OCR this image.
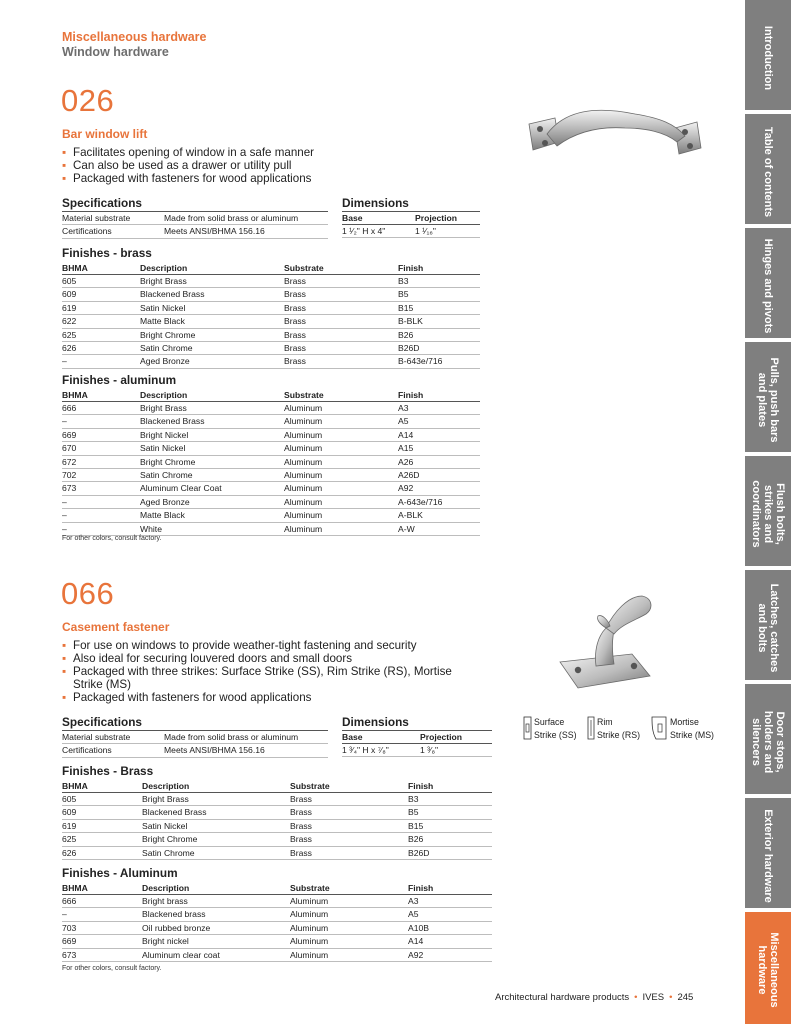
Miscellaneous hardware
Window hardware
026
Bar window lift
▪ Facilitates opening of window in a safe manner
▪ Can also be used as a drawer or utility pull
▪ Packaged with fasteners for wood applications
Specifications
Material substrate	Made from solid brass or aluminum
Certifications	Meets ANSI/BHMA 156.16
Dimensions
Base	Projection
1 ¹⁄₂" H x 4"	1 ¹⁄₁₆"
Finishes - brass
BHMA	Description	Substrate	Finish
605	Bright Brass	Brass	B3
609	Blackened Brass	Brass	B5
619	Satin Nickel	Brass	B15
622	Matte Black	Brass	B-BLK
625	Bright Chrome	Brass	B26
626	Satin Chrome	Brass	B26D
–	Aged Bronze	Brass	B-643e/716
Finishes - aluminum
BHMA	Description	Substrate	Finish
666	Bright Brass	Aluminum	A3
–	Blackened Brass	Aluminum	A5
669	Bright Nickel	Aluminum	A14
670	Satin Nickel	Aluminum	A15
672	Bright Chrome	Aluminum	A26
702	Satin Chrome	Aluminum	A26D
673	Aluminum Clear Coat	Aluminum	A92
–	Aged Bronze	Aluminum	A-643e/716
–	Matte Black	Aluminum	A-BLK
–	White	Aluminum	A-W
For other colors, consult factory.
066
Casement fastener
▪ For use on windows to provide weather-tight fastening and security
▪ Also ideal for securing louvered doors and small doors
▪ Packaged with three strikes: Surface Strike (SS), Rim Strike (RS), Mortise Strike (MS)
▪ Packaged with fasteners for wood applications
Surface
Strike (SS)
Rim
Strike (RS)
Mortise
Strike (MS)
Specifications
Material substrate	Made from solid brass or aluminum
Certifications	Meets ANSI/BHMA 156.16
Dimensions
Base	Projection
1 ³⁄₄" H x ⁷⁄₈"	1 ³⁄₈"
Finishes - Brass
BHMA	Description	Substrate	Finish
605	Bright Brass	Brass	B3
609	Blackened Brass	Brass	B5
619	Satin Nickel	Brass	B15
625	Bright Chrome	Brass	B26
626	Satin Chrome	Brass	B26D
Finishes - Aluminum
BHMA	Description	Substrate	Finish
666	Bright brass	Aluminum	A3
–	Blackened brass	Aluminum	A5
703	Oil rubbed bronze	Aluminum	A10B
669	Bright nickel	Aluminum	A14
673	Aluminum clear coat	Aluminum	A92
For other colors, consult factory.
Introduction
Table of contents
Hinges and pivots
Pulls, push bars and plates
Flush bolts, strikes and coordinators
Latches, catches and bolts
Door stops, holders and silencers
Exterior hardware
Miscellaneous hardware
Architectural hardware products • IVES • 245
